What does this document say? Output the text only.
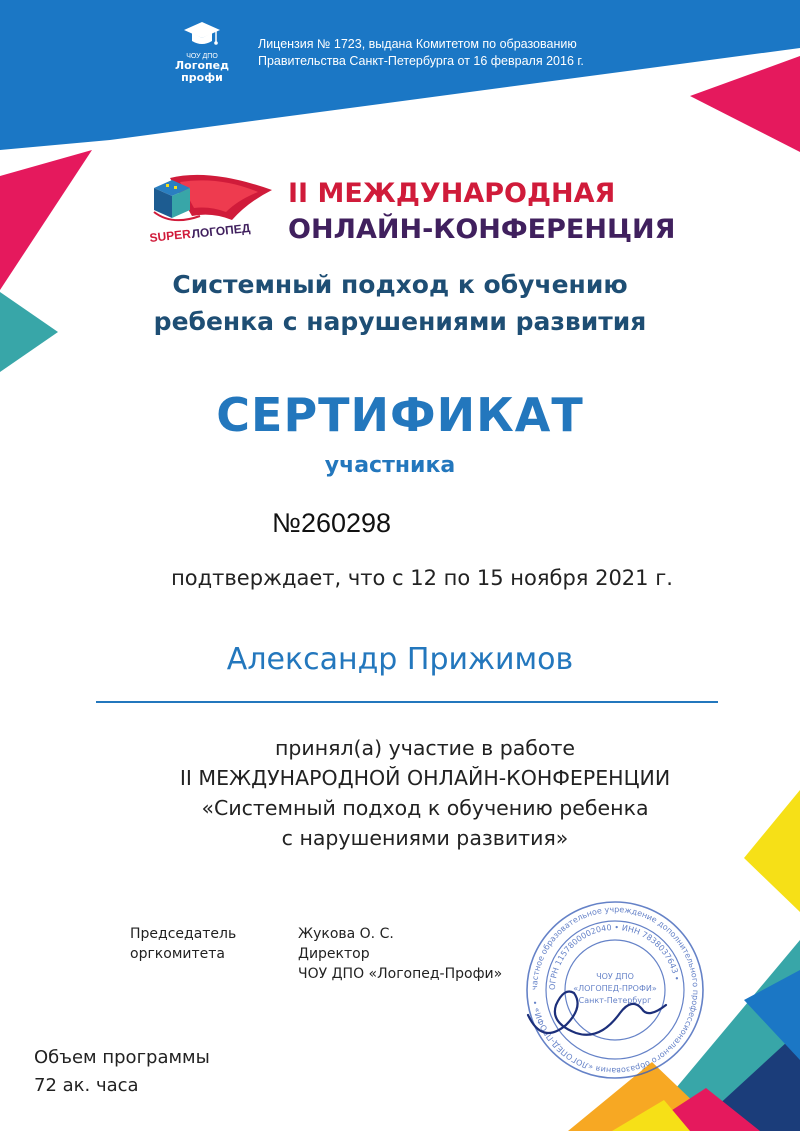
ЧОУ ДПО
Логопед
профи
Лицензия № 1723, выдана Комитетом по образованию
Правительства Санкт-Петербурга от 16 февраля 2016 г.
SUPER ЛОГОПЕД
II МЕЖДУНАРОДНАЯ
ОНЛАЙН-КОНФЕРЕНЦИЯ
Системный подход к обучению
ребенка с нарушениями развития
СЕРТИФИКАТ
участника
№260298
подтверждает, что с 12 по 15 ноября 2021 г.
Александр Прижимов
принял(а) участие в работе
II МЕЖДУНАРОДНОЙ ОНЛАЙН-КОНФЕРЕНЦИИ
«Системный подход к обучению ребенка
с нарушениями развития»
Председатель
оргкомитета
Жукова О. С.
Директор
ЧОУ ДПО «Логопед-Профи»
частное образовательное учреждение дополнительного профессионального образования «ЛОГОПЕД-ПРОФИ» •
ОГРН 1157800002040 • ИНН 7838037643 •
ЧОУ ДПО
«ЛОГОПЕД-ПРОФИ»
Санкт-Петербург
Объем программы
72 ак. часа
